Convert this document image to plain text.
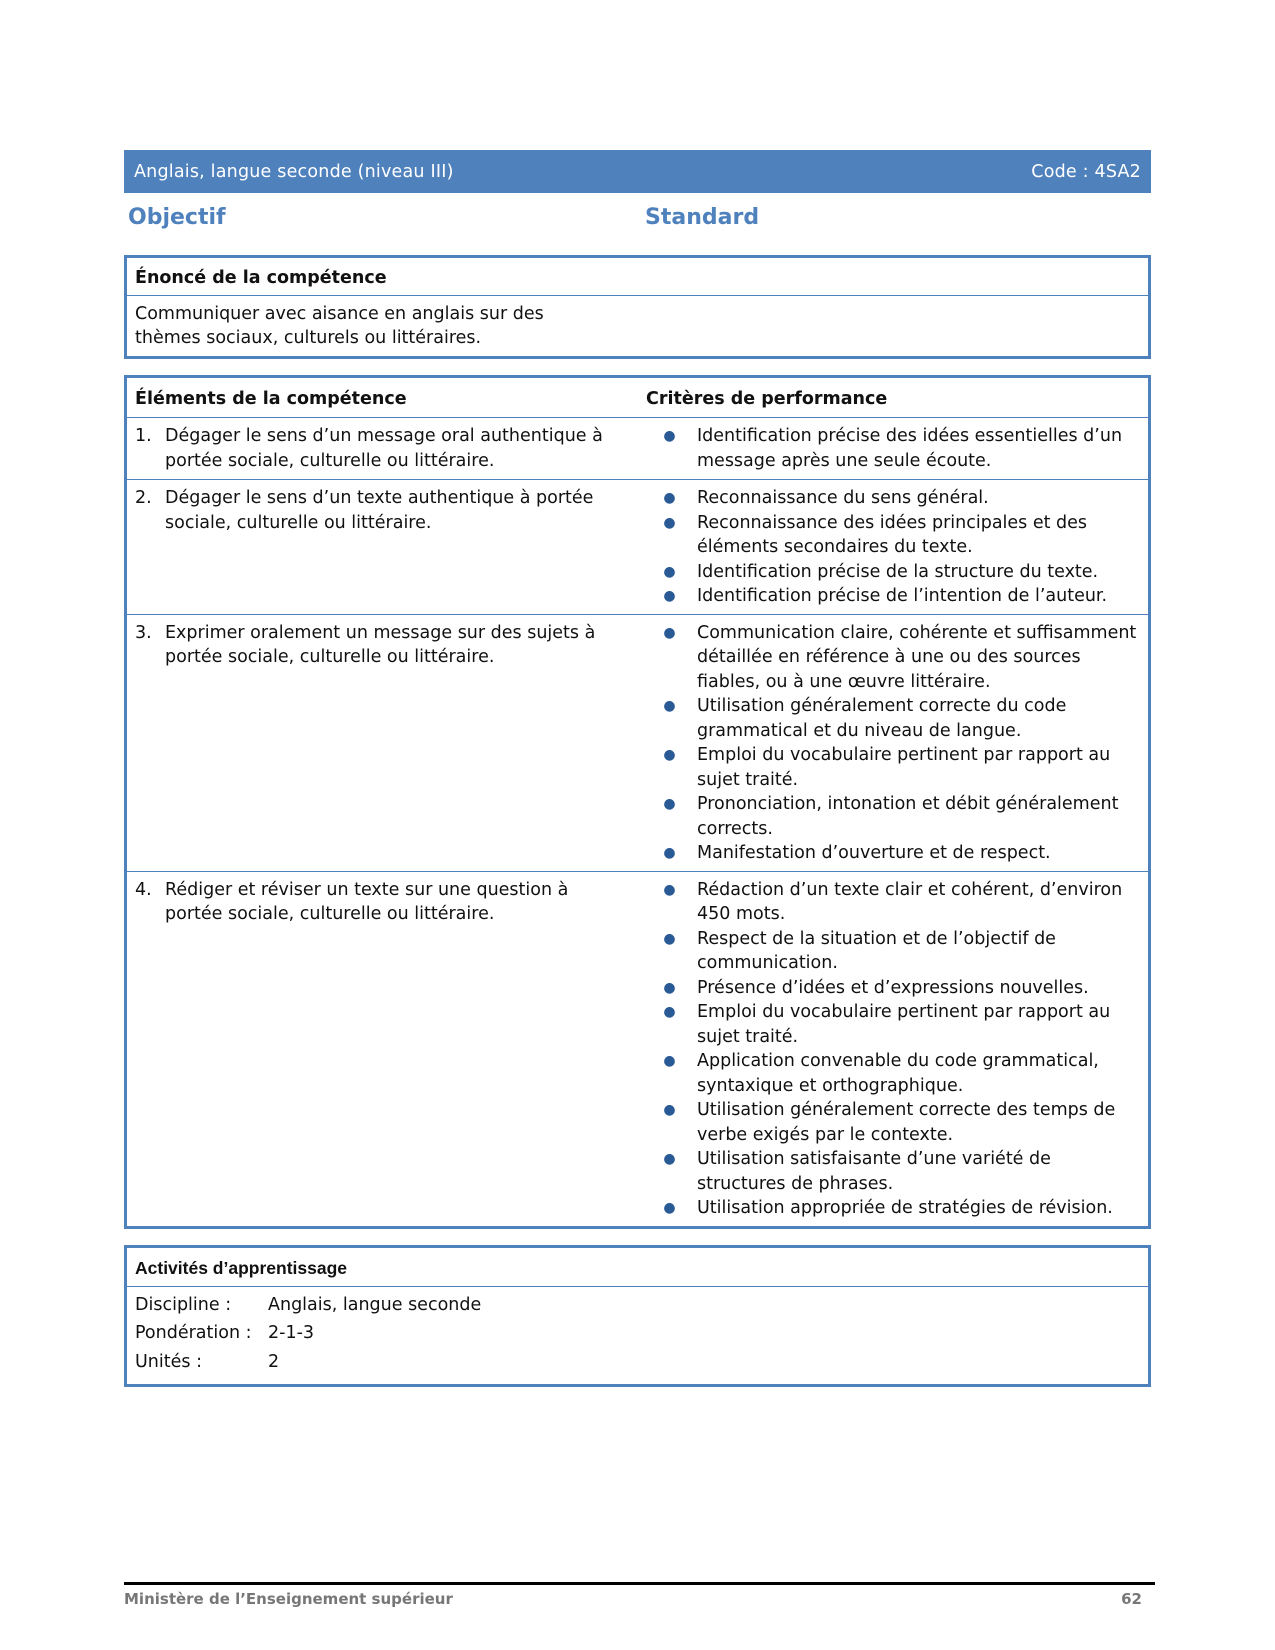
Anglais, langue seconde (niveau III)	Code : 4SA2
Objectif	Standard
Énoncé de la compétence
Communiquer avec aisance en anglais sur des thèmes sociaux, culturels ou littéraires.
Éléments de la compétence	Critères de performance
1. Dégager le sens d’un message oral authentique à portée sociale, culturelle ou littéraire.
●	Identification précise des idées essentielles d’un message après une seule écoute.
2. Dégager le sens d’un texte authentique à portée sociale, culturelle ou littéraire.
●	Reconnaissance du sens général.
●	Reconnaissance des idées principales et des éléments secondaires du texte.
●	Identification précise de la structure du texte.
●	Identification précise de l’intention de l’auteur.
3. Exprimer oralement un message sur des sujets à portée sociale, culturelle ou littéraire.
●	Communication claire, cohérente et suffisamment détaillée en référence à une ou des sources fiables, ou à une œuvre littéraire.
●	Utilisation généralement correcte du code grammatical et du niveau de langue.
●	Emploi du vocabulaire pertinent par rapport au sujet traité.
●	Prononciation, intonation et débit généralement corrects.
●	Manifestation d’ouverture et de respect.
4. Rédiger et réviser un texte sur une question à portée sociale, culturelle ou littéraire.
●	Rédaction d’un texte clair et cohérent, d’environ 450 mots.
●	Respect de la situation et de l’objectif de communication.
●	Présence d’idées et d’expressions nouvelles.
●	Emploi du vocabulaire pertinent par rapport au sujet traité.
●	Application convenable du code grammatical, syntaxique et orthographique.
●	Utilisation généralement correcte des temps de verbe exigés par le contexte.
●	Utilisation satisfaisante d’une variété de structures de phrases.
●	Utilisation appropriée de stratégies de révision.
Activités d’apprentissage
Discipline :	Anglais, langue seconde
Pondération : 2-1-3
Unités :	2
Ministère de l’Enseignement supérieur	62
